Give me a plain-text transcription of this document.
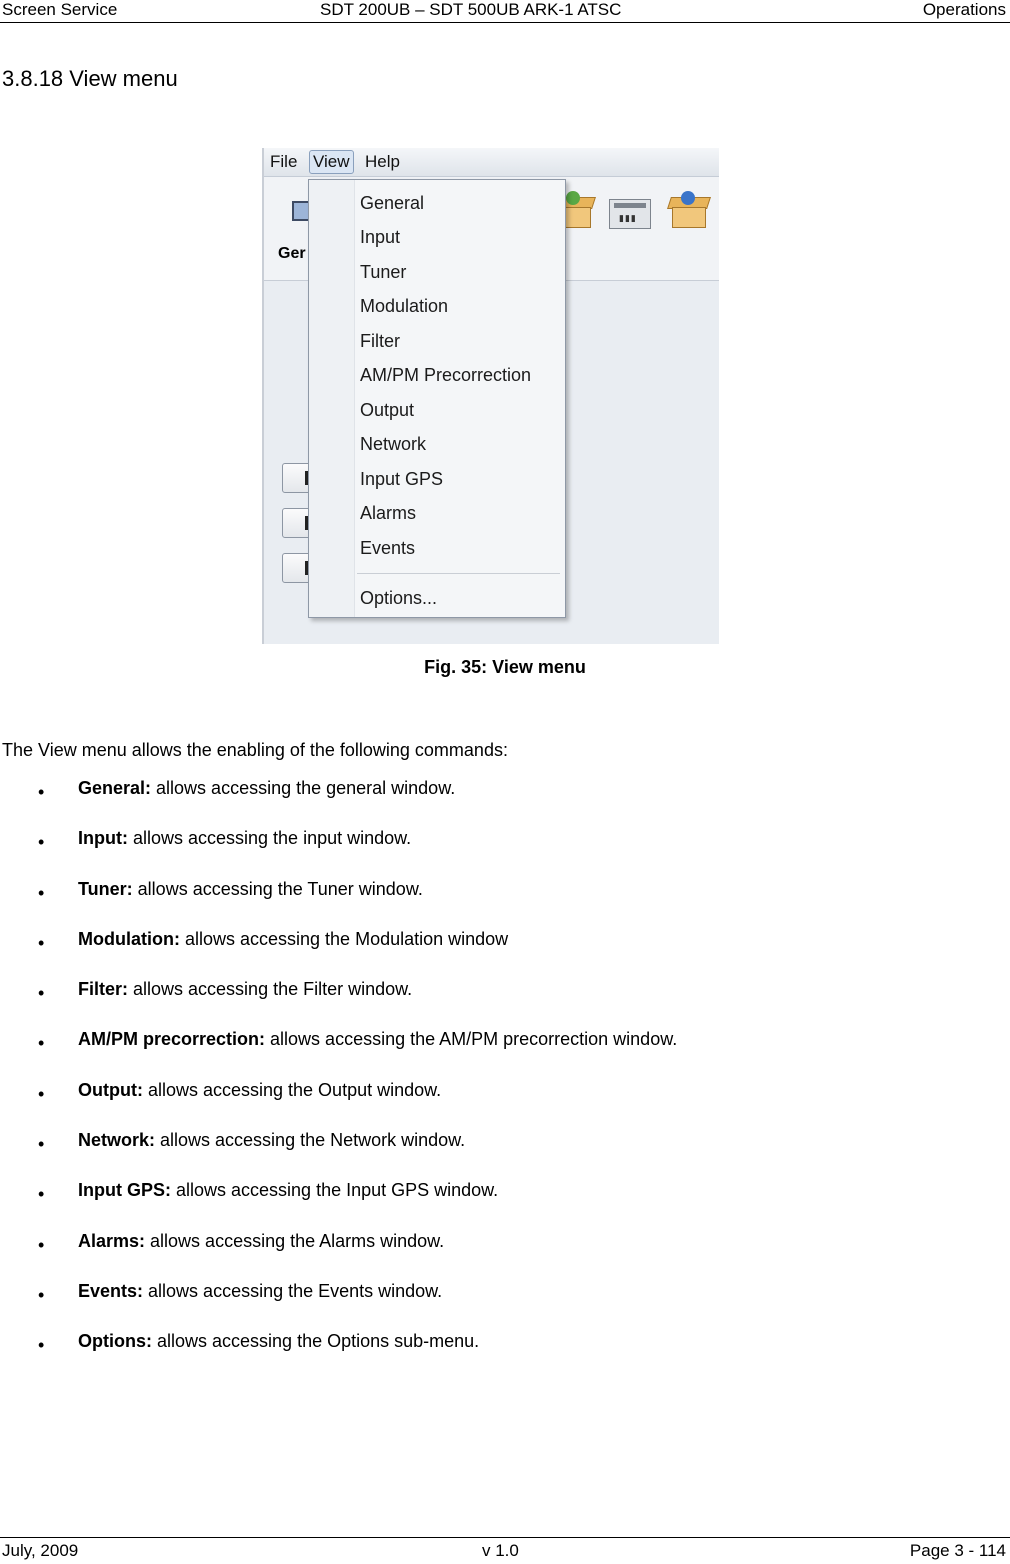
Screen Service	SDT 200UB – SDT 500UB ARK-1 ATSC	Operations
3.8.18 View menu
File View Help
Ger
▮▮▮
General
Input
Tuner
Modulation
Filter
AM/PM Precorrection
Output
Network
Input GPS
Alarms
Events
Options...
Fig. 35: View menu
The View menu allows the enabling of the following commands:
• General: allows accessing the general window.
• Input: allows accessing the input window.
• Tuner: allows accessing the Tuner window.
• Modulation: allows accessing the Modulation window
• Filter: allows accessing the Filter window.
• AM/PM precorrection: allows accessing the AM/PM precorrection window.
• Output: allows accessing the Output window.
• Network: allows accessing the Network window.
• Input GPS: allows accessing the Input GPS window.
• Alarms: allows accessing the Alarms window.
• Events: allows accessing the Events window.
• Options: allows accessing the Options sub-menu.
July, 2009	v 1.0	Page 3 - 114
